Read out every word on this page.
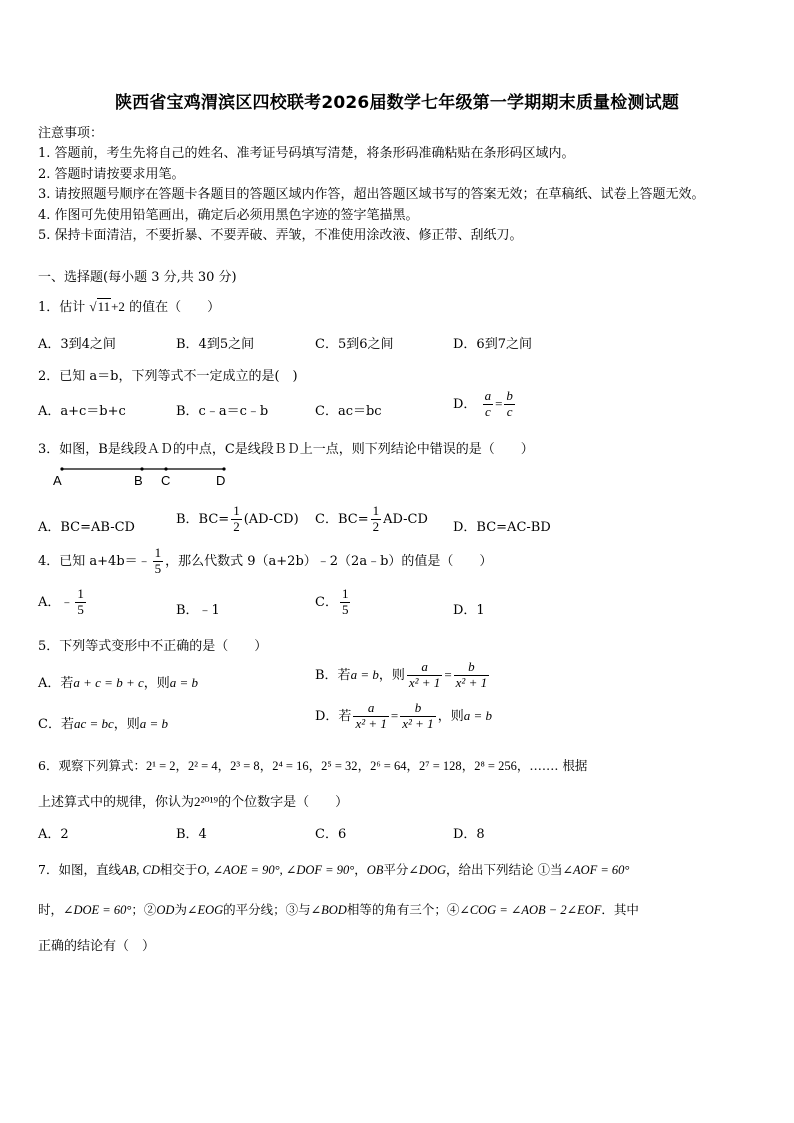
陕西省宝鸡渭滨区四校联考2026届数学七年级第一学期期末质量检测试题
注意事项：
1. 答题前，考生先将自己的姓名、准考证号码填写清楚，将条形码准确粘贴在条形码区域内。
2. 答题时请按要求用笔。
3. 请按照题号顺序在答题卡各题目的答题区域内作答，超出答题区域书写的答案无效；在草稿纸、试卷上答题无效。
4. 作图可先使用铅笔画出，确定后必须用黑色字迹的签字笔描黑。
5. 保持卡面清洁，不要折暴、不要弄破、弄皱，不准使用涂改液、修正带、刮纸刀。
一、选择题(每小题 3 分,共 30 分)
1．估计 √11+2 的值在（　　）
A．3到4之间	B．4到5之间	C．5到6之间	D．6到7之间
2．已知 a＝b，下列等式不一定成立的是(　)
A．a+c＝b+c	B．c﹣a＝c﹣b	C．ac＝bc	D． $\frac{a}{c} = \frac{b}{c}$
3．如图，B是线段ＡＤ的中点，C是线段ＢＤ上一点，则下列结论中错误的是（　　）
A	B C	D
A．BC=AB-CD
B．$BC= \frac{1}{2} (AD-CD)$ C．$BC= \frac{1}{2} AD-CD$
D．BC=AC-BD
4．已知 a+4b＝﹣ $\frac{1}{5}$ ，那么代数式 9（a+2b）﹣2（2a﹣b）的值是（　　）
A．﹣ $\frac{1}{5}$	B．﹣1
C． $\frac{1}{5}$	D．1
5．下列等式变形中不正确的是（　　）
A．若a + c = b + c，则a = b	B．若a = b，则 $\frac{a}{\text{x² + 1}} = \frac{b}{\text{x² + 1}}$
C．若ac = bc，则a = b	D．若 $\frac{a}{\text{x² + 1}} = \frac{b}{\text{x² + 1}}$ ，则a = b
6．观察下列算式：2¹ = 2，2² = 4，2³ = 8，2⁴ = 16，2⁵ = 32，2⁶ = 64，2⁷ = 128，2⁸ = 256，……. 根据
上述算式中的规律，你认为2²⁰¹⁹的个位数字是（　　）
A．2	B．4	C．6	D．8
7．如图，直线AB, CD相交于O, ∠AOE = 90°, ∠DOF = 90°，OB平分∠DOG，给出下列结论 ①当∠AOF = 60°
时，∠DOE = 60°；②OD为∠EOG的平分线；③与∠BOD相等的角有三个；④∠COG = ∠AOB − 2∠EOF．其中
正确的结论有（　）
